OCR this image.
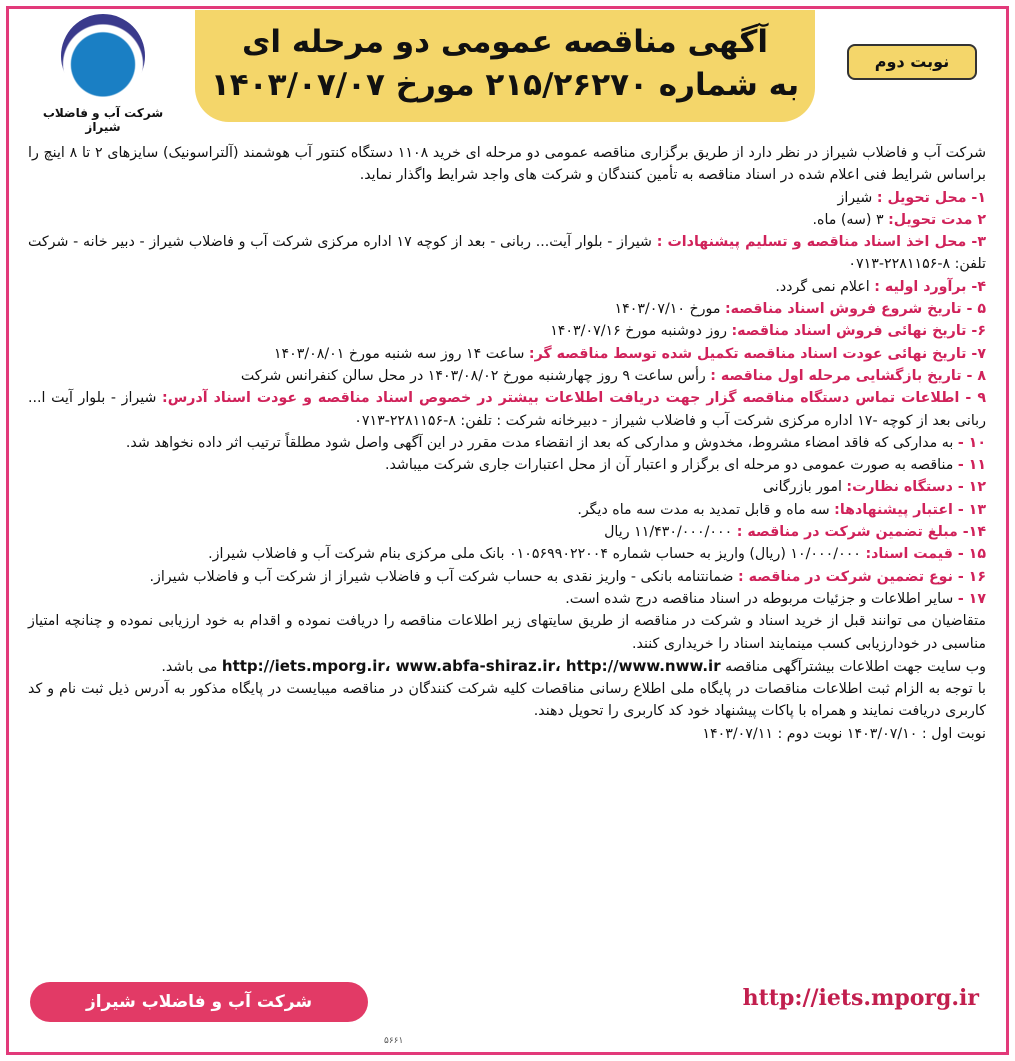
شرکت آب و فاضلاب شیراز
آگهی مناقصه عمومی دو مرحله ای
به شماره ۲۱۵/۲۶۲۷۰ مورخ ۱۴۰۳/۰۷/۰۷
نوبت دوم

شرکت آب و فاضلاب شیراز در نظر دارد از طریق برگزاری مناقصه عمومی دو مرحله ای خرید ۱۱۰۸ دستگاه کنتور آب هوشمند (آلتراسونیک) سایزهای ۲ تا ۸ اینچ را براساس شرایط فنی اعلام شده در اسناد مناقصه به تأمین کنندگان و شرکت های واجد شرایط واگذار نماید.

۱- محل تحویل : شیراز

۲ مدت تحویل: ۳ (سه) ماه.

۳- محل اخذ اسناد مناقصه و تسلیم پیشنهادات : شیراز - بلوار آیت... ربانی - بعد از کوچه ۱۷ اداره مرکزی شرکت آب و فاضلاب شیراز - دبیر خانه - شرکت تلفن: ۸-۲۲۸۱۱۵۶-۰۷۱۳

۴- برآورد اولیه : اعلام نمی گردد.

۵ - تاریخ شروع فروش اسناد مناقصه: مورخ ۱۴۰۳/۰۷/۱۰

۶- تاریخ نهائی فروش اسناد مناقصه: روز دوشنبه مورخ ۱۴۰۳/۰۷/۱۶

۷- تاریخ نهائی عودت اسناد مناقصه تکمیل شده توسط مناقصه گر: ساعت ۱۴ روز سه شنبه مورخ ۱۴۰۳/۰۸/۰۱

۸ - تاریخ بازگشایی مرحله اول مناقصه : رأس ساعت ۹ روز چهارشنبه مورخ ۱۴۰۳/۰۸/۰۲ در محل سالن کنفرانس شرکت

۹ - اطلاعات تماس دستگاه مناقصه گزار جهت دریافت اطلاعات بیشتر در خصوص اسناد مناقصه و عودت اسناد آدرس: شیراز - بلوار آیت ا... ربانی بعد از کوچه -۱۷ اداره مرکزی شرکت آب و فاضلاب شیراز - دبیرخانه شرکت : تلفن: ۸-۲۲۸۱۱۵۶-۰۷۱۳

۱۰ - به مدارکی که فاقد امضاء مشروط، مخدوش و مدارکی که بعد از انقضاء مدت مقرر در این آگهی واصل شود مطلقاً ترتیب اثر داده نخواهد شد.

۱۱ - مناقصه به صورت عمومی دو مرحله ای برگزار و اعتبار آن از محل اعتبارات جاری شرکت میباشد.

۱۲ - دستگاه نظارت: امور بازرگانی

۱۳ - اعتبار پیشنهادها: سه ماه و قابل تمدید به مدت سه ماه دیگر.

۱۴- مبلغ تضمین شرکت در مناقصه : ۱۱/۴۳۰/۰۰۰/۰۰۰ ریال

۱۵ - قیمت اسناد: ۱۰/۰۰۰/۰۰۰ (ریال) واریز به حساب شماره ۰۱۰۵۶۹۹۰۲۲۰۰۴ بانک ملی مرکزی بنام شرکت آب و فاضلاب شیراز.

۱۶ - نوع تضمین شرکت در مناقصه : ضمانتنامه بانکی - واریز نقدی به حساب شرکت آب و فاضلاب شیراز از شرکت آب و فاضلاب شیراز.

۱۷ - سایر اطلاعات و جزئیات مربوطه در اسناد مناقصه درج شده است.

متقاضیان می توانند قبل از خرید اسناد و شرکت در مناقصه از طریق سایتهای زیر اطلاعات مناقصه را دریافت نموده و اقدام به خود ارزیابی نموده و چنانچه امتیاز مناسبی در خودارزیابی کسب مینمایند اسناد را خریداری کنند.

وب سایت جهت اطلاعات بیشترآگهی مناقصه http://iets.mporg.ir، www.abfa-shiraz.ir، http://www.nww.ir می باشد.

با توجه به الزام ثبت اطلاعات مناقصات در پایگاه ملی اطلاع رسانی مناقصات کلیه شرکت کنندگان در مناقصه میبایست در پایگاه مذکور به آدرس ذیل ثبت نام و کد کاربری دریافت نمایند و همراه با پاکات پیشنهاد خود کد کاربری را تحویل دهند.

نوبت اول : ۱۴۰۳/۰۷/۱۰ نوبت دوم : ۱۴۰۳/۰۷/۱۱

شرکت آب و فاضلاب شیراز	http://iets.mporg.ir
۵۶۶۱
